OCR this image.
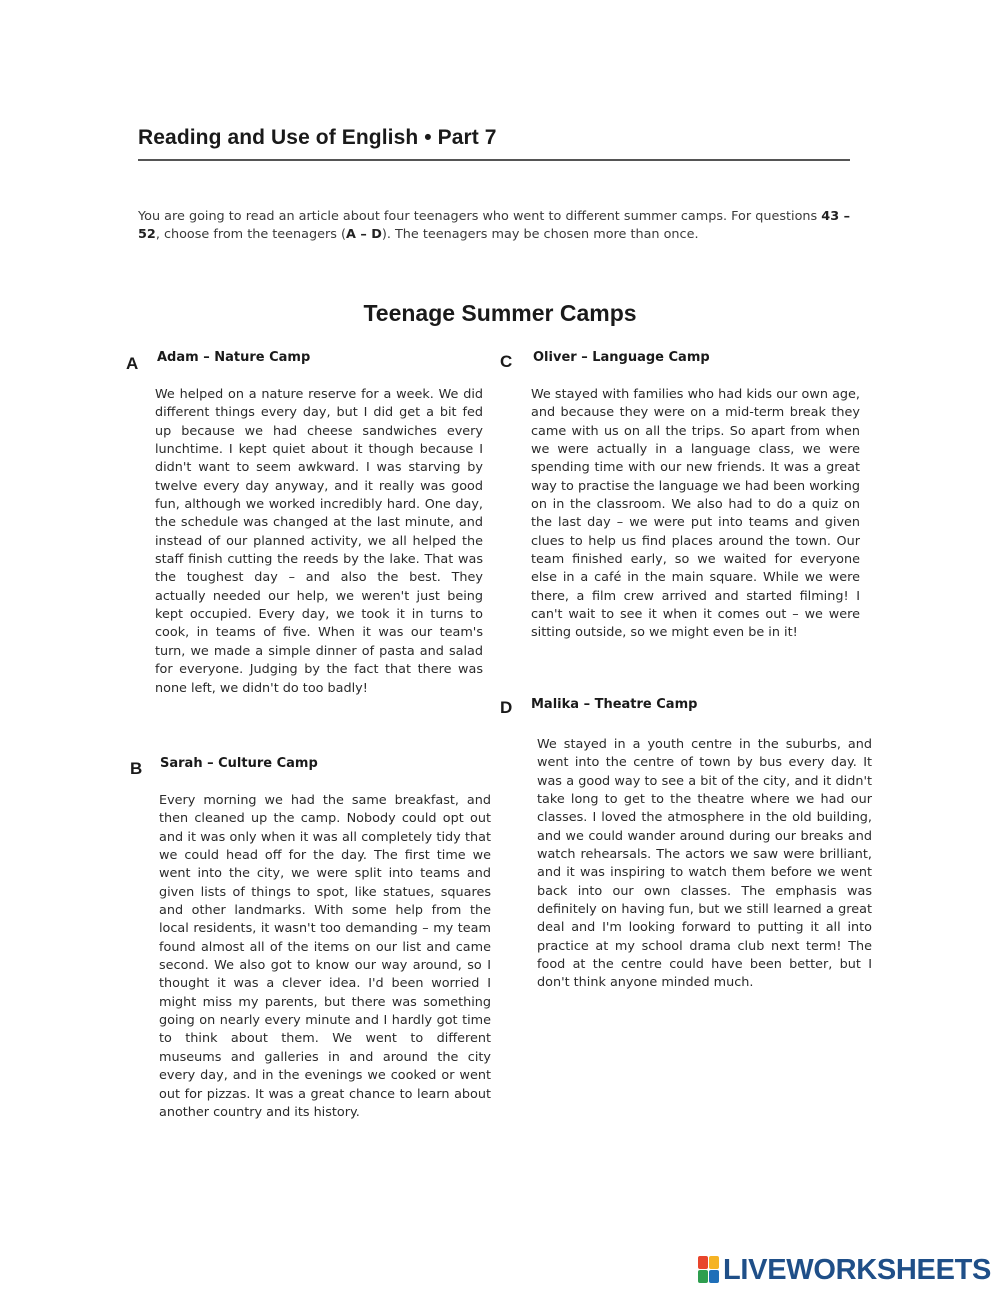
Reading and Use of English • Part 7
You are going to read an article about four teenagers who went to different summer camps. For questions 43 – 52, choose from the teenagers (A – D). The teenagers may be chosen more than once.
Teenage Summer Camps
A Adam – Nature Camp
We helped on a nature reserve for a week. We did different things every day, but I did get a bit fed up because we had cheese sandwiches every lunchtime. I kept quiet about it though because I didn't want to seem awkward. I was starving by twelve every day anyway, and it really was good fun, although we worked incredibly hard. One day, the schedule was changed at the last minute, and instead of our planned activity, we all helped the staff finish cutting the reeds by the lake. That was the toughest day – and also the best. They actually needed our help, we weren't just being kept occupied. Every day, we took it in turns to cook, in teams of five. When it was our team's turn, we made a simple dinner of pasta and salad for everyone. Judging by the fact that there was none left, we didn't do too badly!
B Sarah – Culture Camp
Every morning we had the same breakfast, and then cleaned up the camp. Nobody could opt out and it was only when it was all completely tidy that we could head off for the day. The first time we went into the city, we were split into teams and given lists of things to spot, like statues, squares and other landmarks. With some help from the local residents, it wasn't too demanding – my team found almost all of the items on our list and came second. We also got to know our way around, so I thought it was a clever idea. I'd been worried I might miss my parents, but there was something going on nearly every minute and I hardly got time to think about them. We went to different museums and galleries in and around the city every day, and in the evenings we cooked or went out for pizzas. It was a great chance to learn about another country and its history.
C Oliver – Language Camp
We stayed with families who had kids our own age, and because they were on a mid-term break they came with us on all the trips. So apart from when we were actually in a language class, we were spending time with our new friends. It was a great way to practise the language we had been working on in the classroom. We also had to do a quiz on the last day – we were put into teams and given clues to help us find places around the town. Our team finished early, so we waited for everyone else in a café in the main square. While we were there, a film crew arrived and started filming! I can't wait to see it when it comes out – we were sitting outside, so we might even be in it!
D Malika – Theatre Camp
We stayed in a youth centre in the suburbs, and went into the centre of town by bus every day. It was a good way to see a bit of the city, and it didn't take long to get to the theatre where we had our classes. I loved the atmosphere in the old building, and we could wander around during our breaks and watch rehearsals. The actors we saw were brilliant, and it was inspiring to watch them before we went back into our own classes. The emphasis was definitely on having fun, but we still learned a great deal and I'm looking forward to putting it all into practice at my school drama club next term! The food at the centre could have been better, but I don't think anyone minded much.
LIVEWORKSHEETS
